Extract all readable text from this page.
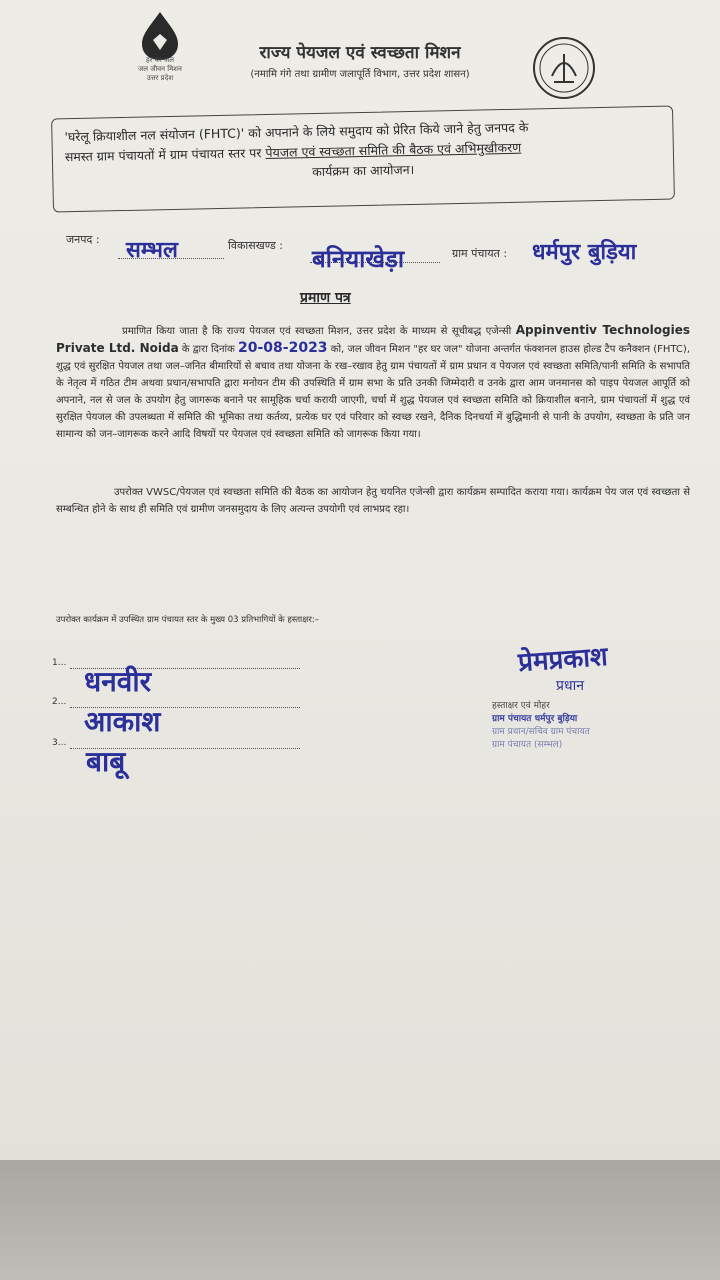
हर घर जल
जल जीवन मिशन
उत्तर प्रदेश
राज्य पेयजल एवं स्वच्छता मिशन
(नमामि गंगे तथा ग्रामीण जलापूर्ति विभाग, उत्तर प्रदेश शासन)
'घरेलू क्रियाशील नल संयोजन (FHTC)' को अपनाने के लिये समुदाय को प्रेरित किये जाने हेतु जनपद के
समस्त ग्राम पंचायतों में ग्राम पंचायत स्तर पर पेयजल एवं स्वच्छता समिति की बैठक एवं अभिमुखीकरण
कार्यक्रम का आयोजन।
जनपद : सम्भल	विकासखण्ड : बनियाखेड़ा	ग्राम पंचायत : धर्मपुर बुड़िया
प्रमाण पत्र
प्रमाणित किया जाता है कि राज्य पेयजल एवं स्वच्छता मिशन, उत्तर प्रदेश के माध्यम से सूचीबद्ध एजेन्सी Appinventiv Technologies Private Ltd. Noida के द्वारा दिनांक 20-08-2023 को, जल जीवन मिशन "हर घर जल" योजना अन्तर्गत फंक्शनल हाउस होल्ड टैप कनैक्शन (FHTC), शुद्ध एवं सुरक्षित पेयजल तथा जल–जनित बीमारियों से बचाव तथा योजना के रख–रखाव हेतु ग्राम पंचायतों में ग्राम प्रधान व पेयजल एवं स्वच्छता समिति/पानी समिति के सभापति के नेतृत्व में गठित टीम अथवा प्रधान/सभापति द्वारा मनोयन टीम की उपस्थिति में ग्राम सभा के प्रति उनकी जिम्मेदारी व उनके द्वारा आम जनमानस को पाइप पेयजल आपूर्ति को अपनाने, नल से जल के उपयोग हेतु जागरूक बनाने पर सामूहिक चर्चा करायी जाएगी, चर्चा में शुद्ध पेयजल एवं स्वच्छता समिति को क्रियाशील बनाने, ग्राम पंचायतों में शुद्ध एवं सुरक्षित पेयजल की उपलब्धता में समिति की भूमिका तथा कर्तव्य, प्रत्येक घर एवं परिवार को स्वच्छ रखने, दैनिक दिनचर्या में बुद्धिमानी से पानी के उपयोग, स्वच्छता के प्रति जन सामान्य को जन–जागरूक करने आदि विषयों पर पेयजल एवं स्वच्छता समिति को जागरूक किया गया।
उपरोक्त VWSC/पेयजल एवं स्वच्छता समिति की बैठक का आयोजन हेतु चयनित एजेन्सी द्वारा कार्यक्रम सम्पादित कराया गया। कार्यक्रम पेय जल एवं स्वच्छता से सम्बन्धित होने के साथ ही समिति एवं ग्रामीण जनसमुदाय के लिए अत्यन्त उपयोगी एवं लाभप्रद रहा।
उपरोक्त कार्यक्रम में उपस्थित ग्राम पंचायत स्तर के मुख्य 03 प्रतिभागियों के हस्ताक्षर:–
1...
धनवीर
2...
आकाश
3...
बाबू
प्रेमप्रकाश
प्रधान
हस्ताक्षर एवं मोहर
ग्राम पंचायत धर्मपुर बुड़िया
ग्राम प्रधान/सचिव ग्राम पंचायत
ग्राम पंचायत (सम्भल)
